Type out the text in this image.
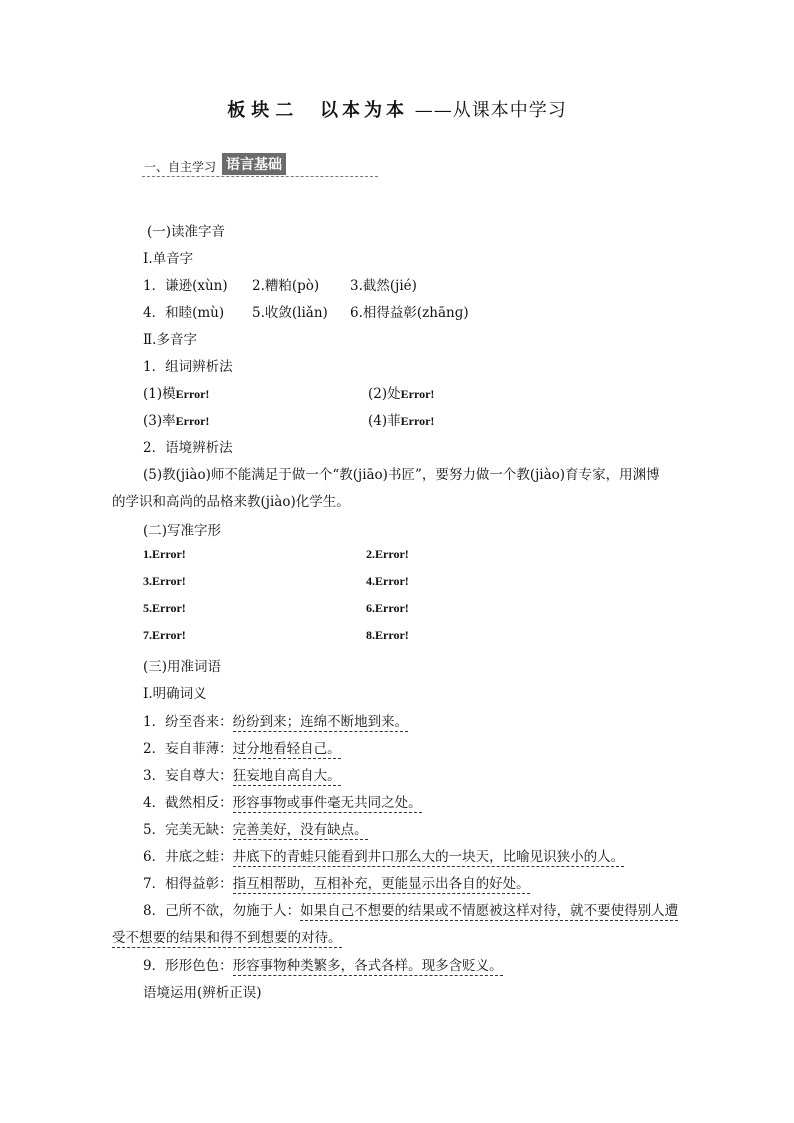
板块二 以本为本 ——从课本中学习
一、自主学习 语言基础
(一)读准字音
Ⅰ.单音字
1．谦逊(xùn) 2.糟粕(pò) 3.截然(jié)
4．和睦(mù) 5.收敛(liǎn) 6.相得益彰(zhānɡ)
Ⅱ.多音字
1．组词辨析法
(1)模Error!	(2)处Error!
(3)率Error!	(4)菲Error!
2．语境辨析法
(5)教(jiào)师不能满足于做一个“教(jiāo)书匠”，要努力做一个教(jiào)育专家，用渊博
的学识和高尚的品格来教(jiào)化学生。
(二)写准字形
1.Error!	2.Error!
3.Error!	4.Error!
5.Error!	6.Error!
7.Error!	8.Error!
(三)用准词语
Ⅰ.明确词义
1．纷至沓来：纷纷到来；连绵不断地到来。
2．妄自菲薄：过分地看轻自己。
3．妄自尊大：狂妄地自高自大。
4．截然相反：形容事物或事件毫无共同之处。
5．完美无缺：完善美好，没有缺点。
6．井底之蛙：井底下的青蛙只能看到井口那么大的一块天，比喻见识狭小的人。
7．相得益彰：指互相帮助，互相补充，更能显示出各自的好处。
8．己所不欲，勿施于人：如果自己不想要的结果或不情愿被这样对待，就不要使得别人遭
受不想要的结果和得不到想要的对待。
9．形形色色：形容事物种类繁多，各式各样。现多含贬义。
语境运用(辨析正误)
